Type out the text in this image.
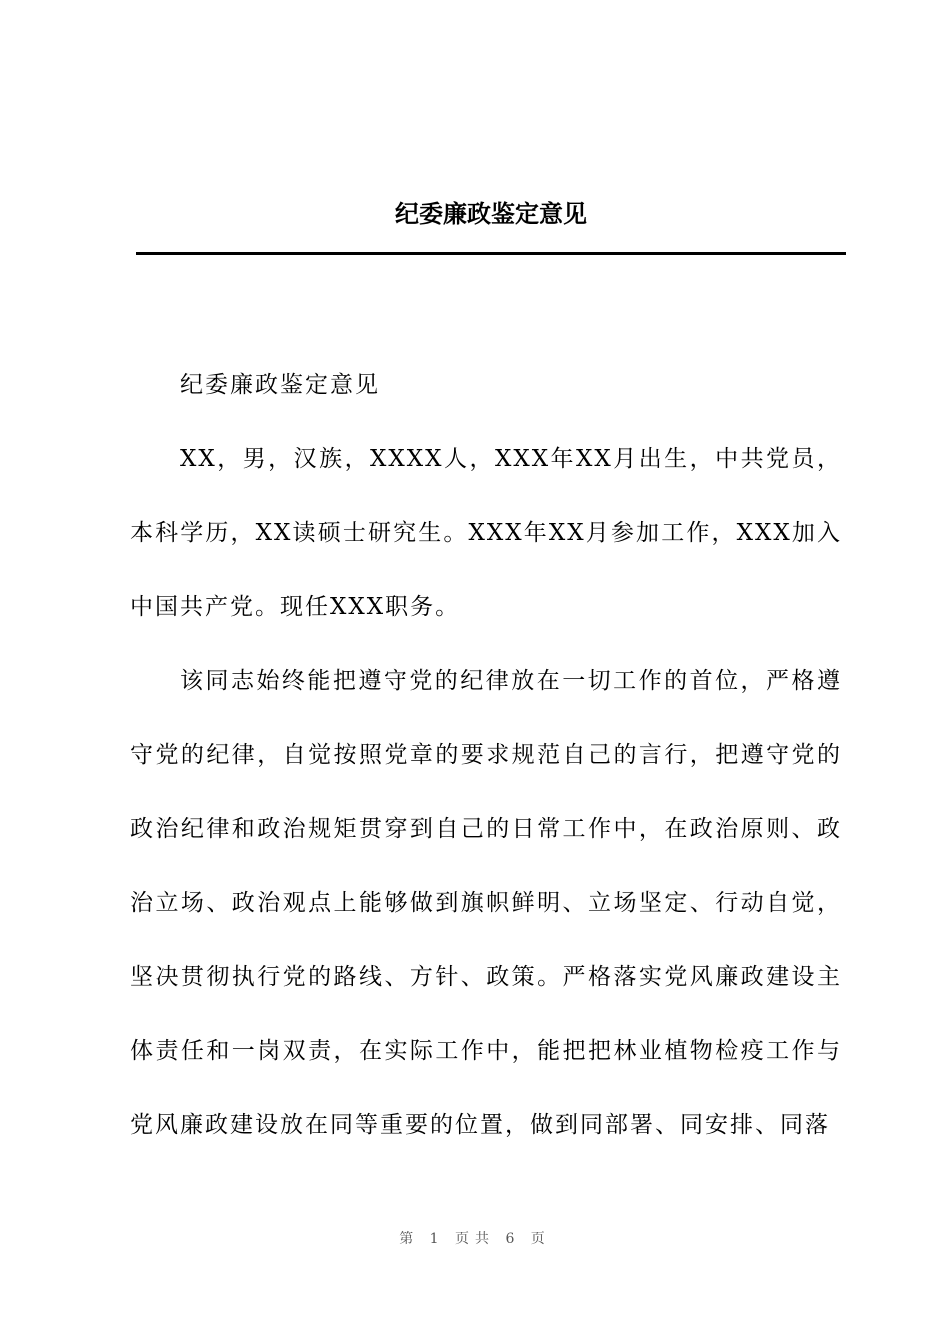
纪委廉政鉴定意见

纪委廉政鉴定意见

XX，男，汉族，XXXX人，XXX年XX月出生，中共党员，本科学历，XX读硕士研究生。XXX年XX月参加工作，XXX加入中国共产党。现任XXX职务。

该同志始终能把遵守党的纪律放在一切工作的首位，严格遵守党的纪律，自觉按照党章的要求规范自己的言行，把遵守党的政治纪律和政治规矩贯穿到自己的日常工作中，在政治原则、政治立场、政治观点上能够做到旗帜鲜明、立场坚定、行动自觉，坚决贯彻执行党的路线、方针、政策。严格落实党风廉政建设主体责任和一岗双责，在实际工作中，能把把林业植物检疫工作与党风廉政建设放在同等重要的位置，做到同部署、同安排、同落

第 1 页共 6 页
